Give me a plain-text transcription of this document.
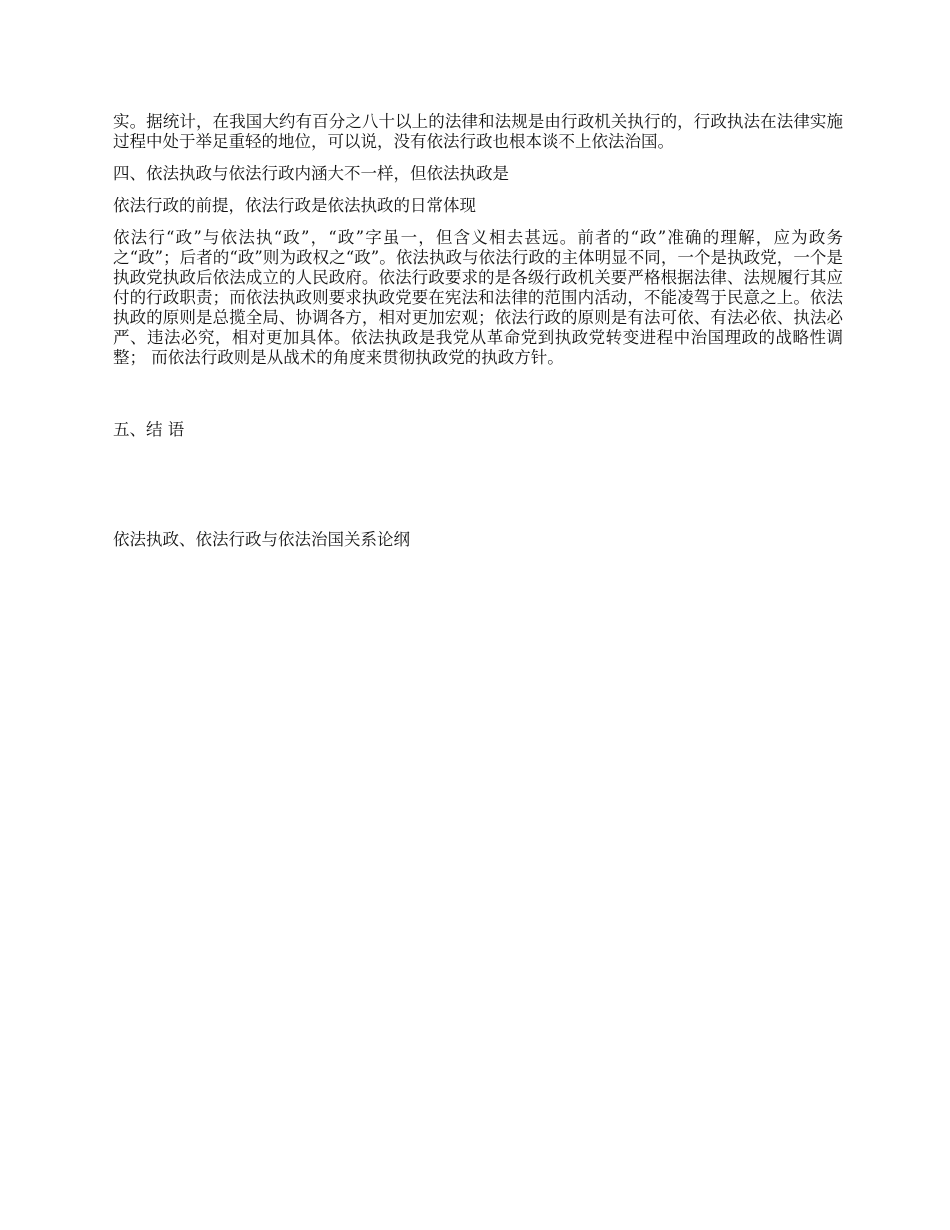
实。据统计，在我国大约有百分之八十以上的法律和法规是由行政机关执行的，行政执法在法律实施过程中处于举足重轻的地位，可以说，没有依法行政也根本谈不上依法治国。

四、依法执政与依法行政内涵大不一样，但依法执政是

依法行政的前提，依法行政是依法执政的日常体现

依法行“政”与依法执“政”，“政”字虽一，但含义相去甚远。前者的“政”准确的理解，应为政务之“政”；后者的“政”则为政权之“政”。依法执政与依法行政的主体明显不同，一个是执政党，一个是执政党执政后依法成立的人民政府。依法行政要求的是各级行政机关要严格根据法律、法规履行其应付的行政职责；而依法执政则要求执政党要在宪法和法律的范围内活动，不能凌驾于民意之上。依法执政的原则是总揽全局、协调各方，相对更加宏观；依法行政的原则是有法可依、有法必依、执法必严、违法必究，相对更加具体。依法执政是我党从革命党到执政党转变进程中治国理政的战略性调整； 而依法行政则是从战术的角度来贯彻执政党的执政方针。

五、结 语

依法执政、依法行政与依法治国关系论纲
